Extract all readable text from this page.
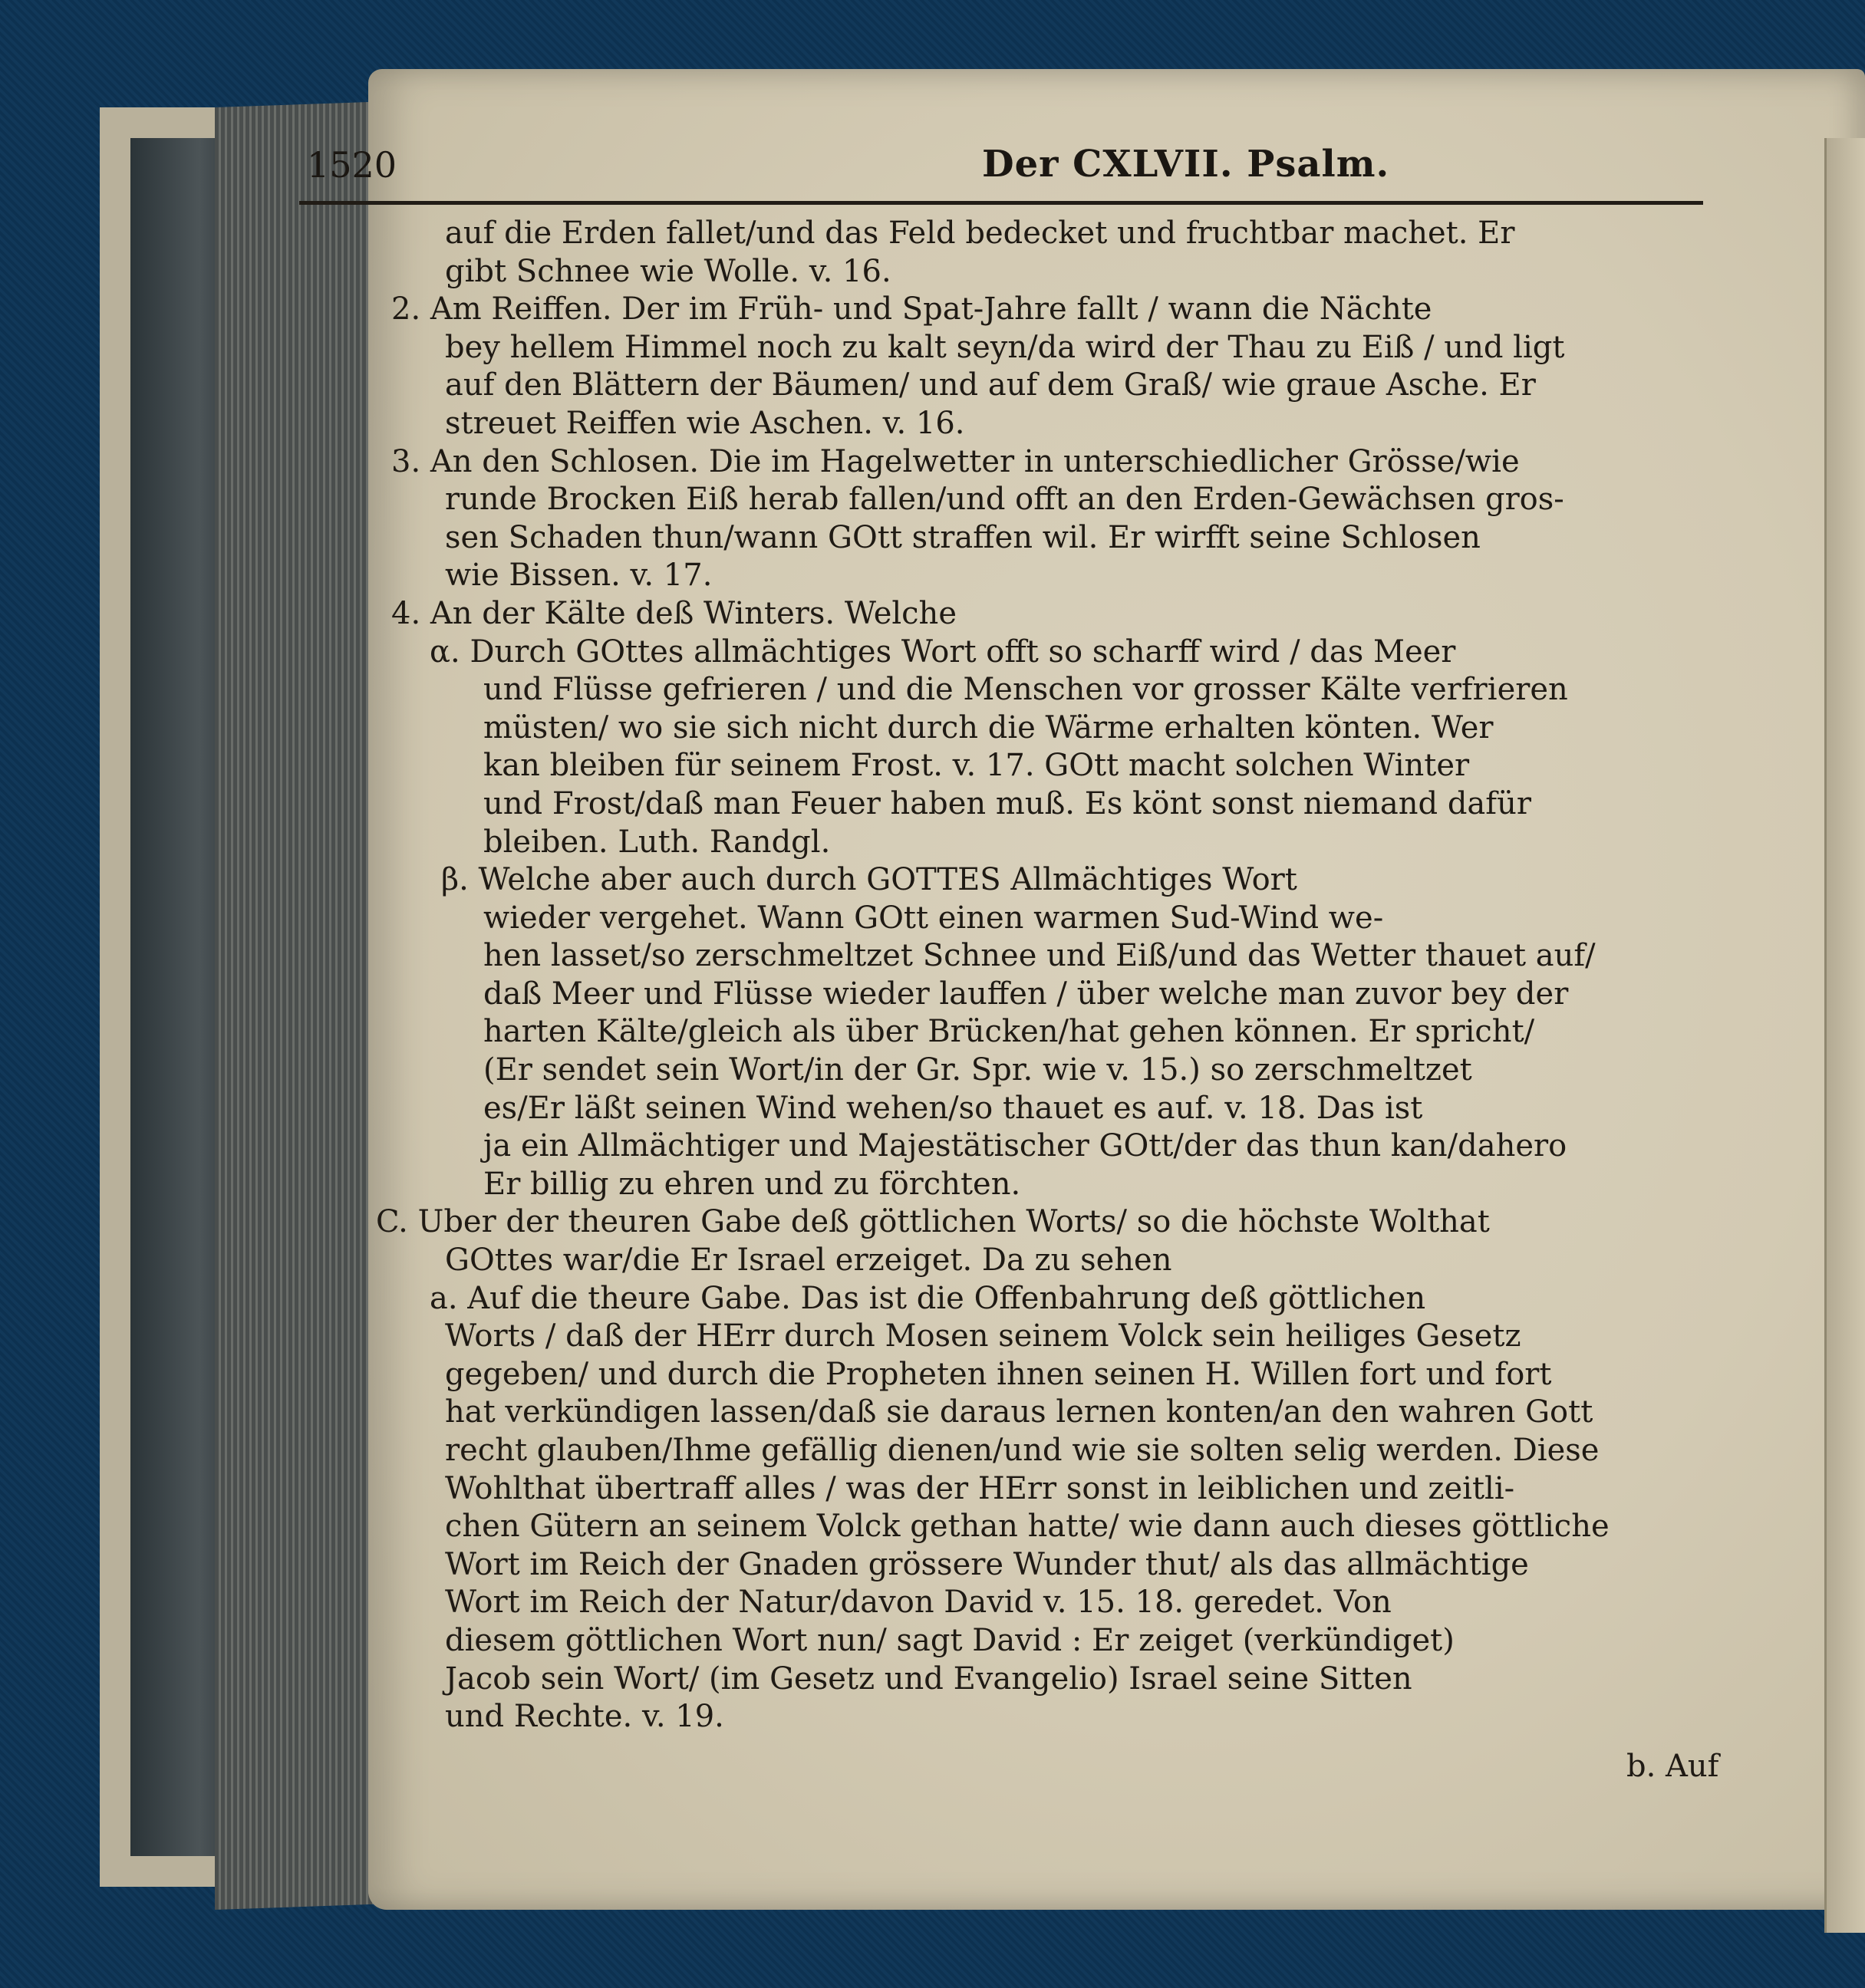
1520	Der CXLVII. Psalm.
auf die Erden fallet/und das Feld bedecket und fruchtbar machet. Er
gibt Schnee wie Wolle. v. 16.
2. Am Reiffen. Der im Früh- und Spat-Jahre fallt / wann die Nächte
bey hellem Himmel noch zu kalt seyn/da wird der Thau zu Eiß / und ligt
auf den Blättern der Bäumen/ und auf dem Graß/ wie graue Asche. Er
streuet Reiffen wie Aschen. v. 16.
3. An den Schlosen. Die im Hagelwetter in unterschiedlicher Grösse/wie
runde Brocken Eiß herab fallen/und offt an den Erden-Gewächsen gros-
sen Schaden thun/wann GOtt straffen wil. Er wirfft seine Schlosen
wie Bissen. v. 17.
4. An der Kälte deß Winters. Welche
α. Durch GOttes allmächtiges Wort offt so scharff wird / das Meer
und Flüsse gefrieren / und die Menschen vor grosser Kälte verfrieren
müsten/ wo sie sich nicht durch die Wärme erhalten könten. Wer
kan bleiben für seinem Frost. v. 17. GOtt macht solchen Winter
und Frost/daß man Feuer haben muß. Es könt sonst niemand dafür
bleiben. Luth. Randgl.
β. Welche aber auch durch GOTTES Allmächtiges Wort
wieder vergehet. Wann GOtt einen warmen Sud-Wind we-
hen lasset/so zerschmeltzet Schnee und Eiß/und das Wetter thauet auf/
daß Meer und Flüsse wieder lauffen / über welche man zuvor bey der
harten Kälte/gleich als über Brücken/hat gehen können. Er spricht/
(Er sendet sein Wort/in der Gr. Spr. wie v. 15.) so zerschmeltzet
es/Er läßt seinen Wind wehen/so thauet es auf. v. 18. Das ist
ja ein Allmächtiger und Majestätischer GOtt/der das thun kan/dahero
Er billig zu ehren und zu förchten.
C. Uber der theuren Gabe deß göttlichen Worts/ so die höchste Wolthat
GOttes war/die Er Israel erzeiget. Da zu sehen
a. Auf die theure Gabe. Das ist die Offenbahrung deß göttlichen
Worts / daß der HErr durch Mosen seinem Volck sein heiliges Gesetz
gegeben/ und durch die Propheten ihnen seinen H. Willen fort und fort
hat verkündigen lassen/daß sie daraus lernen konten/an den wahren Gott
recht glauben/Ihme gefällig dienen/und wie sie solten selig werden. Diese
Wohlthat übertraff alles / was der HErr sonst in leiblichen und zeitli-
chen Gütern an seinem Volck gethan hatte/ wie dann auch dieses göttliche
Wort im Reich der Gnaden grössere Wunder thut/ als das allmächtige
Wort im Reich der Natur/davon David v. 15. 18. geredet. Von
diesem göttlichen Wort nun/ sagt David : Er zeiget (verkündiget)
Jacob sein Wort/ (im Gesetz und Evangelio) Israel seine Sitten
und Rechte. v. 19.
b. Auf
